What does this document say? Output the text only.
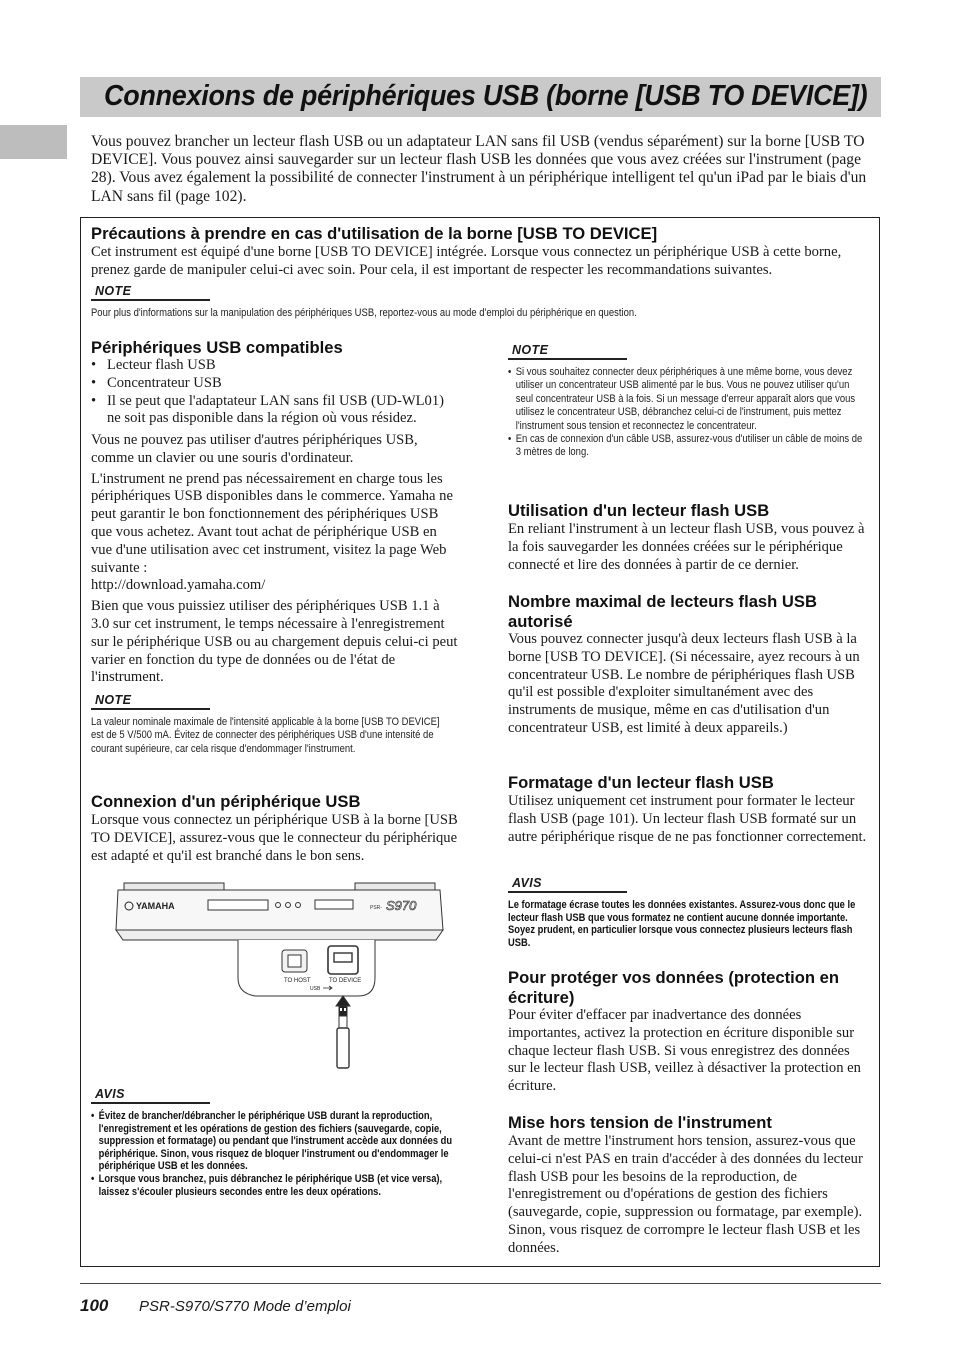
Connexions de périphériques USB (borne [USB TO DEVICE])

Vous pouvez brancher un lecteur flash USB ou un adaptateur LAN sans fil USB (vendus séparément) sur la borne [USB TO DEVICE]. Vous pouvez ainsi sauvegarder sur un lecteur flash USB les données que vous avez créées sur l'instrument (page 28). Vous avez également la possibilité de connecter l'instrument à un périphérique intelligent tel qu'un iPad par le biais d'un LAN sans fil (page 102).

Précautions à prendre en cas d'utilisation de la borne [USB TO DEVICE]

Cet instrument est équipé d'une borne [USB TO DEVICE] intégrée. Lorsque vous connectez un périphérique USB à cette borne, prenez garde de manipuler celui-ci avec soin. Pour cela, il est important de respecter les recommandations suivantes.

NOTE

Pour plus d'informations sur la manipulation des périphériques USB, reportez-vous au mode d'emploi du périphérique en question.

Périphériques USB compatibles
• Lecteur flash USB
• Concentrateur USB
• Il se peut que l'adaptateur LAN sans fil USB (UD-WL01) ne soit pas disponible dans la région où vous résidez.

Vous ne pouvez pas utiliser d'autres périphériques USB, comme un clavier ou une souris d'ordinateur.

L'instrument ne prend pas nécessairement en charge tous les périphériques USB disponibles dans le commerce. Yamaha ne peut garantir le bon fonctionnement des périphériques USB que vous achetez. Avant tout achat de périphérique USB en vue d'une utilisation avec cet instrument, visitez la page Web suivante :

http://download.yamaha.com/

Bien que vous puissiez utiliser des périphériques USB 1.1 à 3.0 sur cet instrument, le temps nécessaire à l'enregistrement sur le périphérique USB ou au chargement depuis celui-ci peut varier en fonction du type de données ou de l'état de l'instrument.

NOTE

La valeur nominale maximale de l'intensité applicable à la borne [USB TO DEVICE] est de 5 V/500 mA. Évitez de connecter des périphériques USB d'une intensité de courant supérieure, car cela risque d'endommager l'instrument.

Connexion d'un périphérique USB

Lorsque vous connectez un périphérique USB à la borne [USB TO DEVICE], assurez-vous que le connecteur du périphérique est adapté et qu'il est branché dans le bon sens.

YAMAHA	PSR- S970
TO HOST	TO DEVICE
USB
AVIS
• Évitez de brancher/débrancher le périphérique USB durant la reproduction, l'enregistrement et les opérations de gestion des fichiers (sauvegarde, copie, suppression et formatage) ou pendant que l'instrument accède aux données du périphérique. Sinon, vous risquez de bloquer l'instrument ou d'endommager le périphérique USB et les données.
• Lorsque vous branchez, puis débranchez le périphérique USB (et vice versa), laissez s'écouler plusieurs secondes entre les deux opérations.
NOTE
• Si vous souhaitez connecter deux périphériques à une même borne, vous devez utiliser un concentrateur USB alimenté par le bus. Vous ne pouvez utiliser qu'un seul concentrateur USB à la fois. Si un message d'erreur apparaît alors que vous utilisez le concentrateur USB, débranchez celui-ci de l'instrument, puis mettez l'instrument sous tension et reconnectez le concentrateur.
• En cas de connexion d'un câble USB, assurez-vous d'utiliser un câble de moins de 3 mètres de long.
Utilisation d'un lecteur flash USB

En reliant l'instrument à un lecteur flash USB, vous pouvez à la fois sauvegarder les données créées sur le périphérique connecté et lire des données à partir de ce dernier.

Nombre maximal de lecteurs flash USB autorisé

Vous pouvez connecter jusqu'à deux lecteurs flash USB à la borne [USB TO DEVICE]. (Si nécessaire, ayez recours à un concentrateur USB. Le nombre de périphériques flash USB qu'il est possible d'exploiter simultanément avec des instruments de musique, même en cas d'utilisation d'un concentrateur USB, est limité à deux appareils.)

Formatage d'un lecteur flash USB

Utilisez uniquement cet instrument pour formater le lecteur flash USB (page 101). Un lecteur flash USB formaté sur un autre périphérique risque de ne pas fonctionner correctement.

AVIS

Le formatage écrase toutes les données existantes. Assurez-vous donc que le lecteur flash USB que vous formatez ne contient aucune donnée importante. Soyez prudent, en particulier lorsque vous connectez plusieurs lecteurs flash USB.

Pour protéger vos données (protection en écriture)

Pour éviter d'effacer par inadvertance des données importantes, activez la protection en écriture disponible sur chaque lecteur flash USB. Si vous enregistrez des données sur le lecteur flash USB, veillez à désactiver la protection en écriture.

Mise hors tension de l'instrument

Avant de mettre l'instrument hors tension, assurez-vous que celui-ci n'est PAS en train d'accéder à des données du lecteur flash USB pour les besoins de la reproduction, de l'enregistrement ou d'opérations de gestion des fichiers (sauvegarde, copie, suppression ou formatage, par exemple). Sinon, vous risquez de corrompre le lecteur flash USB et les données.

100 PSR-S970/S770 Mode d’emploi
